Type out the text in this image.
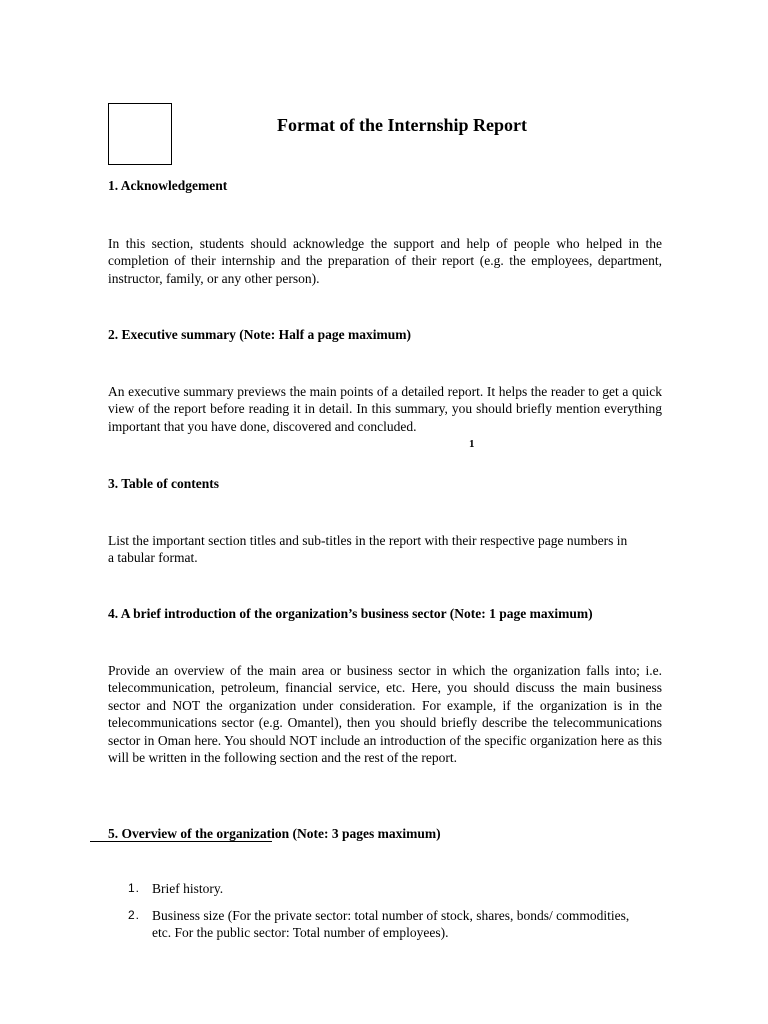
Format of the Internship Report
1. Acknowledgement

In this section, students should acknowledge the support and help of people who helped in the completion of their internship and the preparation of their report (e.g. the employees, department, instructor, family, or any other person).

2. Executive summary (Note: Half a page maximum)

An executive summary previews the main points of a detailed report. It helps the reader to get a quick view of the report before reading it in detail. In this summary, you should briefly mention everything important that you have done, discovered and concluded.

1
3. Table of contents

List the important section titles and sub-titles in the report with their respective page numbers in a tabular format.

4. A brief introduction of the organization’s business sector (Note: 1 page maximum)

Provide an overview of the main area or business sector in which the organization falls into; i.e. telecommunication, petroleum, financial service, etc. Here, you should discuss the main business sector and NOT the organization under consideration. For example, if the organization is in the telecommunications sector (e.g. Omantel), then you should briefly describe the telecommunications sector in Oman here. You should NOT include an introduction of the specific organization here as this will be written in the following section and the rest of the report.

5. Overview of the organization (Note: 3 pages maximum)
1. Brief history.
2. Business size (For the private sector: total number of stock, shares, bonds/ commodities, etc. For the public sector: Total number of employees).
